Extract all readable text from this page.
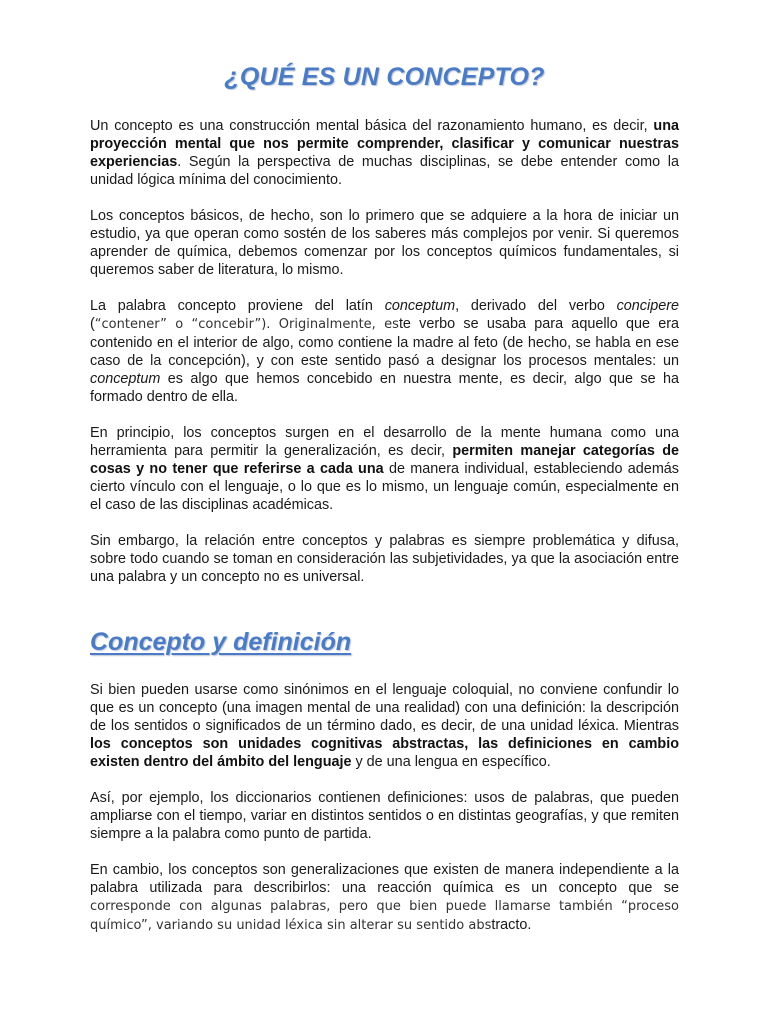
¿QUÉ ES UN CONCEPTO?

Un concepto es una construcción mental básica del razonamiento humano, es decir, una proyección mental que nos permite comprender, clasificar y comunicar nuestras experiencias. Según la perspectiva de muchas disciplinas, se debe entender como la unidad lógica mínima del conocimiento.

Los conceptos básicos, de hecho, son lo primero que se adquiere a la hora de iniciar un estudio, ya que operan como sostén de los saberes más complejos por venir. Si queremos aprender de química, debemos comenzar por los conceptos químicos fundamentales, si queremos saber de literatura, lo mismo.

La palabra concepto proviene del latín conceptum, derivado del verbo concipere (“contener” o “concebir”). Originalmente, este verbo se usaba para aquello que era contenido en el interior de algo, como contiene la madre al feto (de hecho, se habla en ese caso de la concepción), y con este sentido pasó a designar los procesos mentales: un conceptum es algo que hemos concebido en nuestra mente, es decir, algo que se ha formado dentro de ella.

En principio, los conceptos surgen en el desarrollo de la mente humana como una herramienta para permitir la generalización, es decir, permiten manejar categorías de cosas y no tener que referirse a cada una de manera individual, estableciendo además cierto vínculo con el lenguaje, o lo que es lo mismo, un lenguaje común, especialmente en el caso de las disciplinas académicas.

Sin embargo, la relación entre conceptos y palabras es siempre problemática y difusa, sobre todo cuando se toman en consideración las subjetividades, ya que la asociación entre una palabra y un concepto no es universal.

Concepto y definición

Si bien pueden usarse como sinónimos en el lenguaje coloquial, no conviene confundir lo que es un concepto (una imagen mental de una realidad) con una definición: la descripción de los sentidos o significados de un término dado, es decir, de una unidad léxica. Mientras los conceptos son unidades cognitivas abstractas, las definiciones en cambio existen dentro del ámbito del lenguaje y de una lengua en específico.

Así, por ejemplo, los diccionarios contienen definiciones: usos de palabras, que pueden ampliarse con el tiempo, variar en distintos sentidos o en distintas geografías, y que remiten siempre a la palabra como punto de partida.

En cambio, los conceptos son generalizaciones que existen de manera independiente a la palabra utilizada para describirlos: una reacción química es un concepto que se corresponde con algunas palabras, pero que bien puede llamarse también “proceso químico”, variando su unidad léxica sin alterar su sentido abstracto.
